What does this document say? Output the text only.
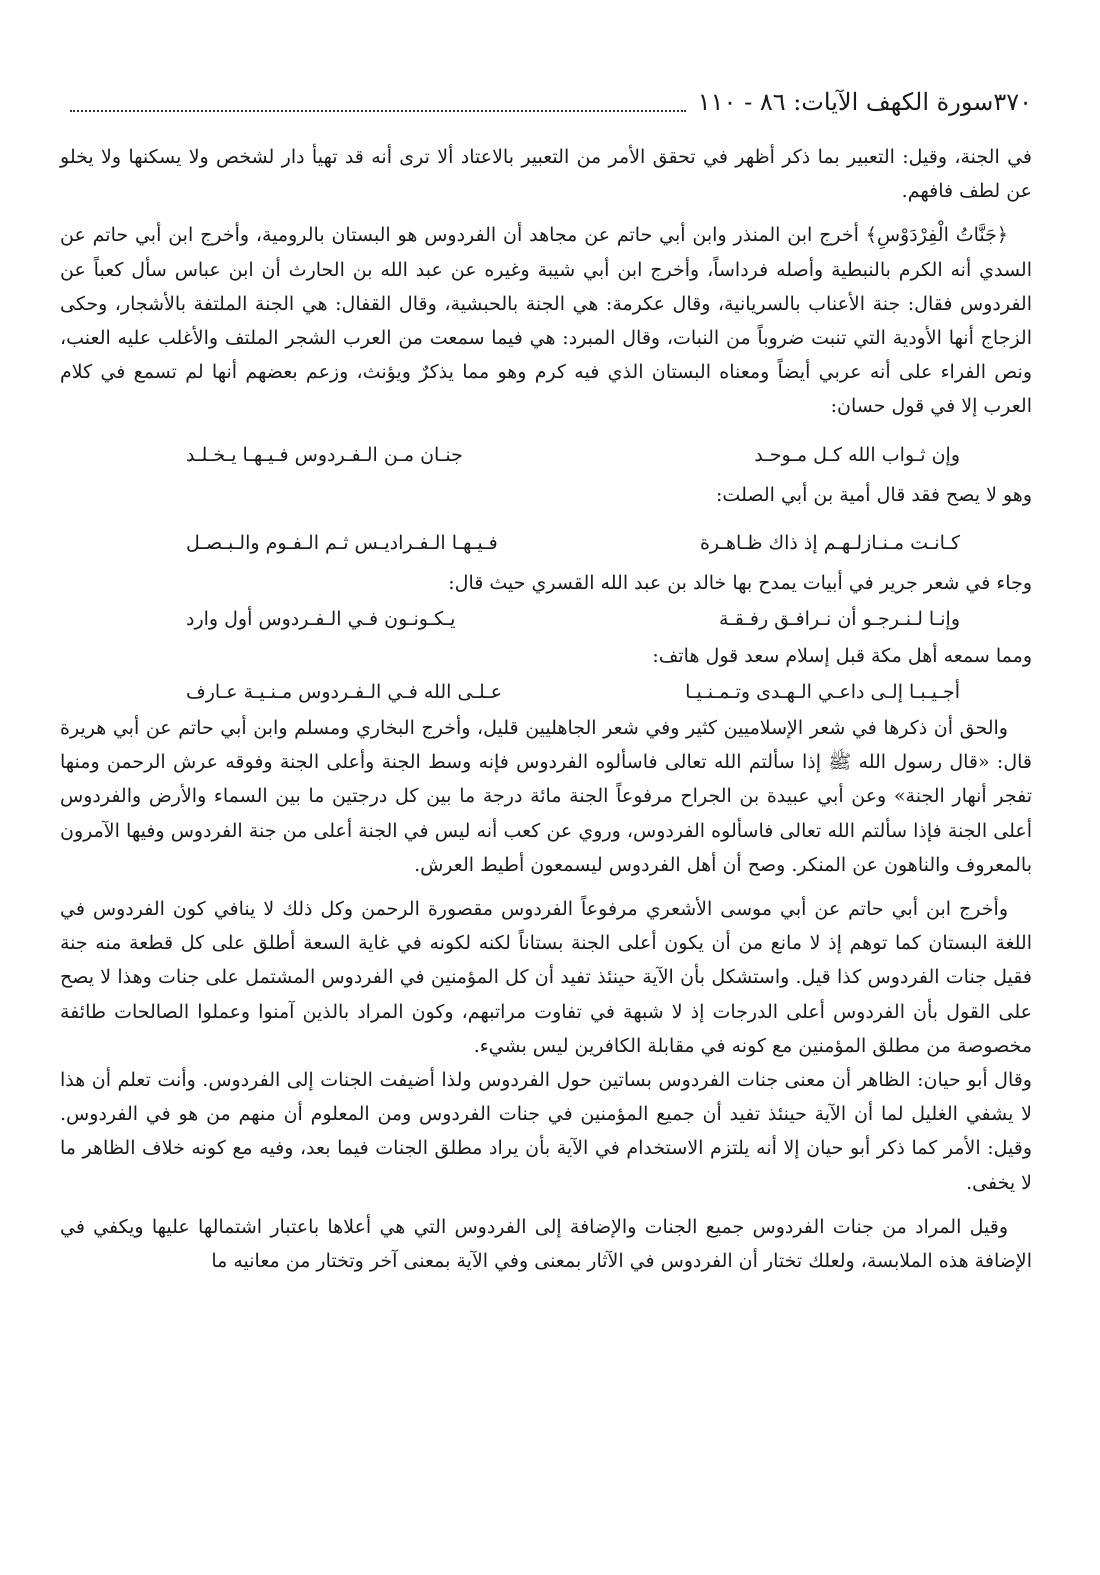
٣٧٠
سورة الكهف الآيات: ٨٦ - ١١٠

في الجنة، وقيل: التعبير بما ذكر أظهر في تحقق الأمر من التعبير بالاعتاد ألا ترى أنه قد تهيأ دار لشخص ولا يسكنها ولا يخلو عن لطف فافهم.

﴿جَنَّاتُ الْفِرْدَوْسِ﴾ أخرج ابن المنذر وابن أبي حاتم عن مجاهد أن الفردوس هو البستان بالرومية، وأخرج ابن أبي حاتم عن السدي أنه الكرم بالنبطية وأصله فرداساً، وأخرج ابن أبي شيبة وغيره عن عبد الله بن الحارث أن ابن عباس سأل كعباً عن الفردوس فقال: جنة الأعناب بالسريانية، وقال عكرمة: هي الجنة بالحبشية، وقال القفال: هي الجنة الملتفة بالأشجار، وحكى الزجاج أنها الأودية التي تنبت ضروباً من النبات، وقال المبرد: هي فيما سمعت من العرب الشجر الملتف والأغلب عليه العنب، ونص الفراء على أنه عربي أيضاً ومعناه البستان الذي فيه كرم وهو مما يذكرٌ ويؤنث، وزعم بعضهم أنها لم تسمع في كلام العرب إلا في قول حسان:

وإن ثـواب الله كـل مـوحـد
جنـان مـن الـفـردوس فـيـهـا يـخـلـد

وهو لا يصح فقد قال أمية بن أبي الصلت:

كـانـت مـنـازلـهـم إذ ذاك ظـاهـرة
فـيـهـا الـفـراديـس ثـم الـفـوم والـبـصـل

وجاء في شعر جرير في أبيات يمدح بها خالد بن عبد الله القسري حيث قال:

وإنـا لـنـرجـو أن نـرافـق رفـقـة
يـكـونـون فـي الـفـردوس أول وارد

ومما سمعه أهل مكة قبل إسلام سعد قول هاتف:

أجـيـبـا إلـى داعـي الـهـدى وتـمـنـيـا
عـلـى الله فـي الـفـردوس مـنـيـة عـارف

والحق أن ذكرها في شعر الإسلاميين كثير وفي شعر الجاهليين قليل، وأخرج البخاري ومسلم وابن أبي حاتم عن أبي هريرة قال: «قال رسول الله ﷺ إذا سألتم الله تعالى فاسألوه الفردوس فإنه وسط الجنة وأعلى الجنة وفوقه عرش الرحمن ومنها تفجر أنهار الجنة» وعن أبي عبيدة بن الجراح مرفوعاً الجنة مائة درجة ما بين كل درجتين ما بين السماء والأرض والفردوس أعلى الجنة فإذا سألتم الله تعالى فاسألوه الفردوس، وروي عن كعب أنه ليس في الجنة أعلى من جنة الفردوس وفيها الآمرون بالمعروف والناهون عن المنكر. وصح أن أهل الفردوس ليسمعون أطيط العرش.

وأخرج ابن أبي حاتم عن أبي موسى الأشعري مرفوعاً الفردوس مقصورة الرحمن وكل ذلك لا ينافي كون الفردوس في اللغة البستان كما توهم إذ لا مانع من أن يكون أعلى الجنة بستاناً لكنه لكونه في غاية السعة أطلق على كل قطعة منه جنة فقيل جنات الفردوس كذا قيل. واستشكل بأن الآية حينئذ تفيد أن كل المؤمنين في الفردوس المشتمل على جنات وهذا لا يصح على القول بأن الفردوس أعلى الدرجات إذ لا شبهة في تفاوت مراتبهم، وكون المراد بالذين آمنوا وعملوا الصالحات طائفة مخصوصة من مطلق المؤمنين مع كونه في مقابلة الكافرين ليس بشيء.

وقال أبو حيان: الظاهر أن معنى جنات الفردوس بساتين حول الفردوس ولذا أضيفت الجنات إلى الفردوس. وأنت تعلم أن هذا لا يشفي الغليل لما أن الآية حينئذ تفيد أن جميع المؤمنين في جنات الفردوس ومن المعلوم أن منهم من هو في الفردوس. وقيل: الأمر كما ذكر أبو حيان إلا أنه يلتزم الاستخدام في الآية بأن يراد مطلق الجنات فيما بعد، وفيه مع كونه خلاف الظاهر ما لا يخفى.

وقيل المراد من جنات الفردوس جميع الجنات والإضافة إلى الفردوس التي هي أعلاها باعتبار اشتمالها عليها ويكفي في الإضافة هذه الملابسة، ولعلك تختار أن الفردوس في الآثار بمعنى وفي الآية بمعنى آخر وتختار من معانيه ما
